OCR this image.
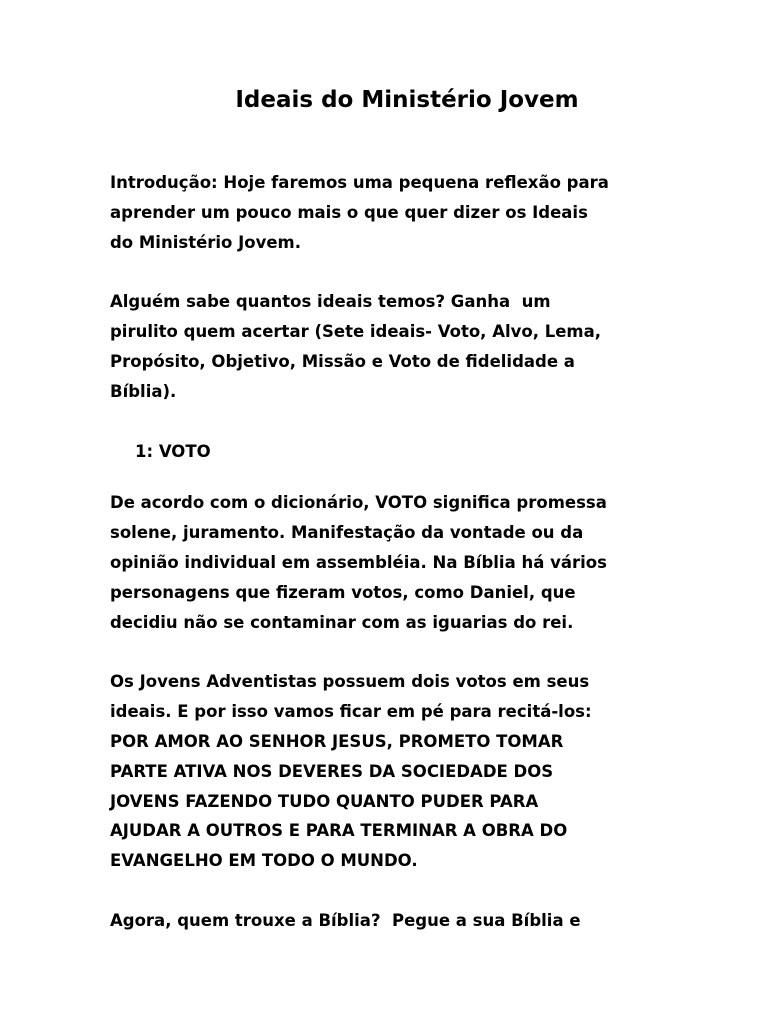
Ideais do Ministério Jovem

Introdução: Hoje faremos uma pequena reflexão para
aprender um pouco mais o que quer dizer os Ideais
do Ministério Jovem.

Alguém sabe quantos ideais temos? Ganha  um
pirulito quem acertar (Sete ideais- Voto, Alvo, Lema,
Propósito, Objetivo, Missão e Voto de fidelidade a
Bíblia).

1: VOTO

De acordo com o dicionário, VOTO significa promessa
solene, juramento. Manifestação da vontade ou da
opinião individual em assembléia. Na Bíblia há vários
personagens que fizeram votos, como Daniel, que
decidiu não se contaminar com as iguarias do rei.

Os Jovens Adventistas possuem dois votos em seus
ideais. E por isso vamos ficar em pé para recitá-los:
POR AMOR AO SENHOR JESUS, PROMETO TOMAR
PARTE ATIVA NOS DEVERES DA SOCIEDADE DOS
JOVENS FAZENDO TUDO QUANTO PUDER PARA
AJUDAR A OUTROS E PARA TERMINAR A OBRA DO
EVANGELHO EM TODO O MUNDO.

Agora, quem trouxe a Bíblia?  Pegue a sua Bíblia e
